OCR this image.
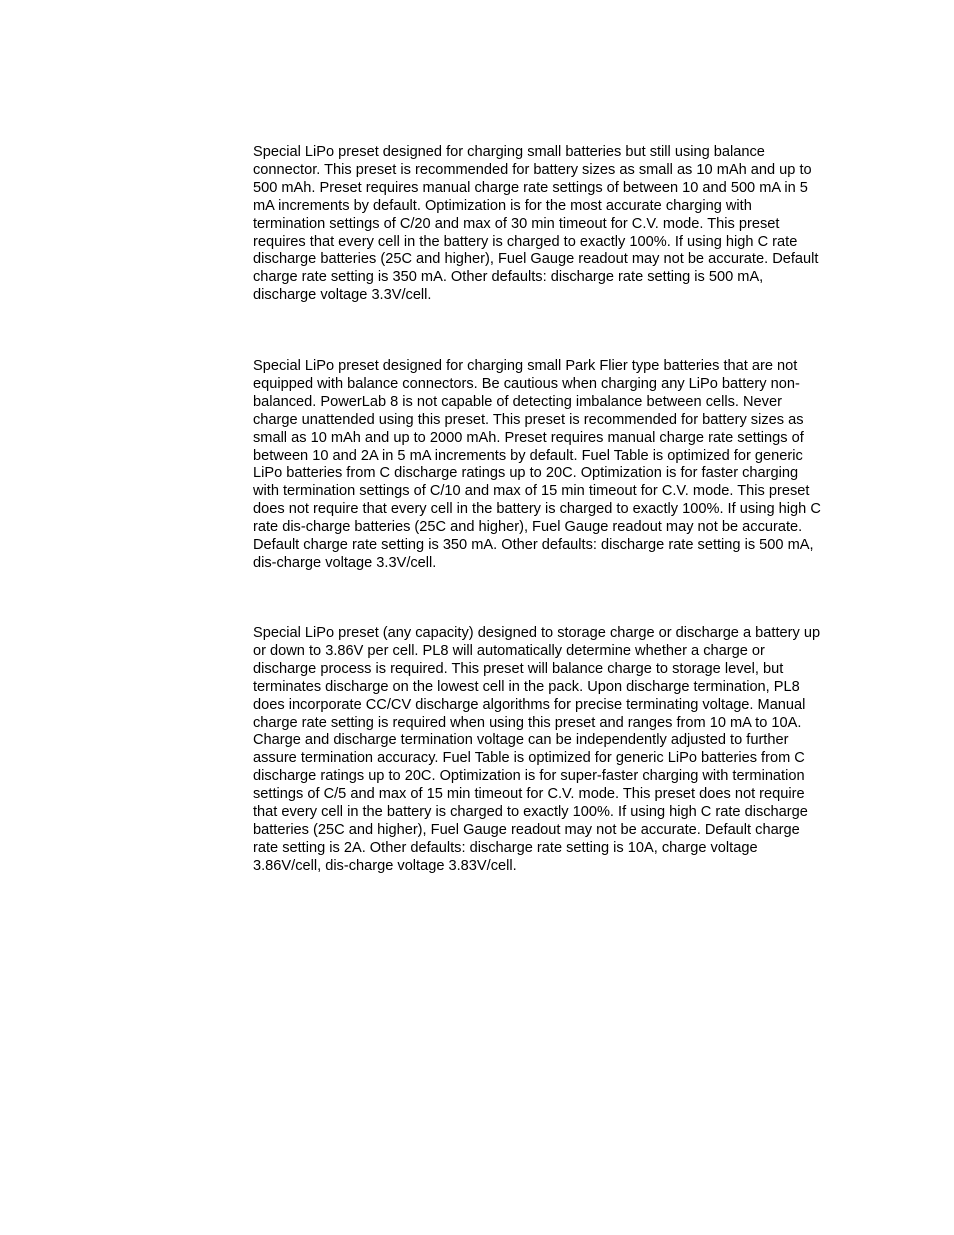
Special LiPo preset designed for charging small batteries but still using balance
connector. This preset is recommended for battery sizes as small as 10 mAh and up to
500 mAh. Preset requires manual charge rate settings of between 10 and 500 mA in 5
mA increments by default. Optimization is for the most accurate charging with
termination settings of C/20 and max of 30 min timeout for C.V. mode. This preset
requires that every cell in the battery is charged to exactly 100%. If using high C rate
discharge batteries (25C and higher), Fuel Gauge readout may not be accurate. Default
charge rate setting is 350 mA. Other defaults: discharge rate setting is 500 mA,
discharge voltage 3.3V/cell.

Special LiPo preset designed for charging small Park Flier type batteries that are not
equipped with balance connectors. Be cautious when charging any LiPo battery non-
balanced. PowerLab 8 is not capable of detecting imbalance between cells. Never
charge unattended using this preset. This preset is recommended for battery sizes as
small as 10 mAh and up to 2000 mAh. Preset requires manual charge rate settings of
between 10 and 2A in 5 mA increments by default. Fuel Table is optimized for generic
LiPo batteries from C discharge ratings up to 20C. Optimization is for faster charging
with termination settings of C/10 and max of 15 min timeout for C.V. mode. This preset
does not require that every cell in the battery is charged to exactly 100%. If using high C
rate dis-charge batteries (25C and higher), Fuel Gauge readout may not be accurate.
Default charge rate setting is 350 mA. Other defaults: discharge rate setting is 500 mA,
dis-charge voltage 3.3V/cell.

Special LiPo preset (any capacity) designed to storage charge or discharge a battery up
or down to 3.86V per cell. PL8 will automatically determine whether a charge or
discharge process is required. This preset will balance charge to storage level, but
terminates discharge on the lowest cell in the pack. Upon discharge termination, PL8
does incorporate CC/CV discharge algorithms for precise terminating voltage. Manual
charge rate setting is required when using this preset and ranges from 10 mA to 10A.
Charge and discharge termination voltage can be independently adjusted to further
assure termination accuracy. Fuel Table is optimized for generic LiPo batteries from C
discharge ratings up to 20C. Optimization is for super-faster charging with termination
settings of C/5 and max of 15 min timeout for C.V. mode. This preset does not require
that every cell in the battery is charged to exactly 100%. If using high C rate discharge
batteries (25C and higher), Fuel Gauge readout may not be accurate. Default charge
rate setting is 2A. Other defaults: discharge rate setting is 10A, charge voltage
3.86V/cell, dis-charge voltage 3.83V/cell.
